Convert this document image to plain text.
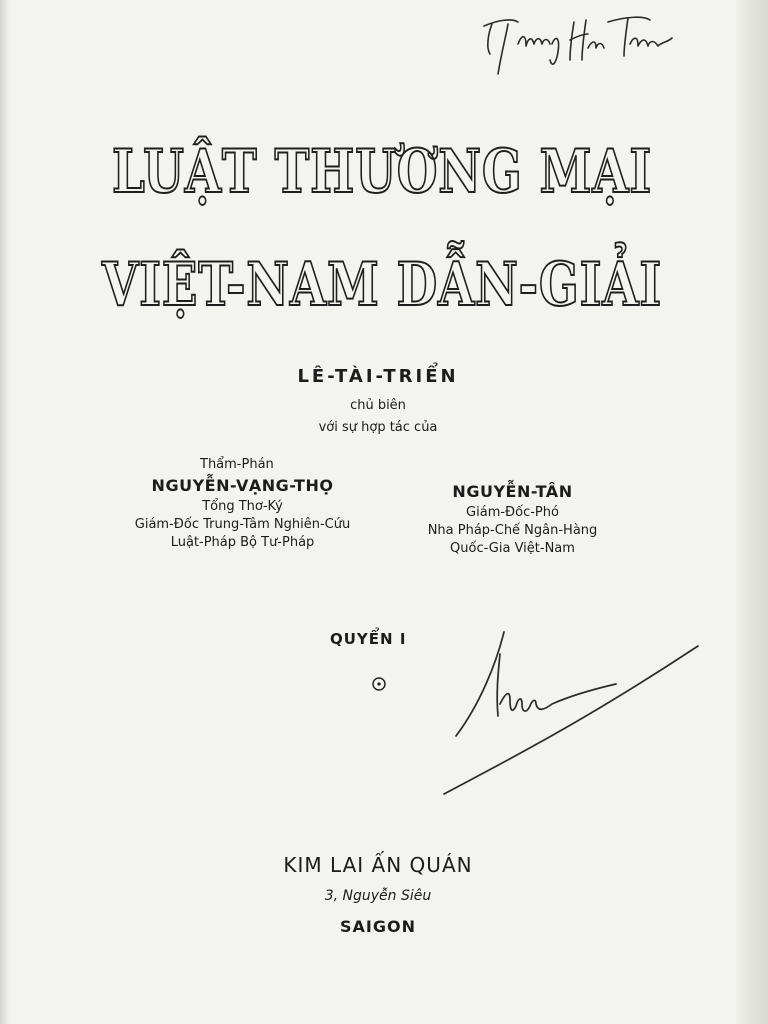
LUẬT THƯƠNG MẠI
VIỆT-NAM DẪN-GIẢI
LÊ-TÀI-TRIỂN
chủ biên
với sự hợp tác của
Thẩm-Phán
NGUYỄN-VẠNG-THỌ
Tổng Thơ-Ký
Giám-Đốc Trung-Tâm Nghiên-Cứu
Luật-Pháp Bộ Tư-Pháp
NGUYỄN-TÂN
Giám-Đốc-Phó
Nha Pháp-Chế Ngân-Hàng
Quốc-Gia Việt-Nam
QUYỂN I
KIM LAI ẤN QUÁN
3, Nguyễn Siêu
SAIGON
